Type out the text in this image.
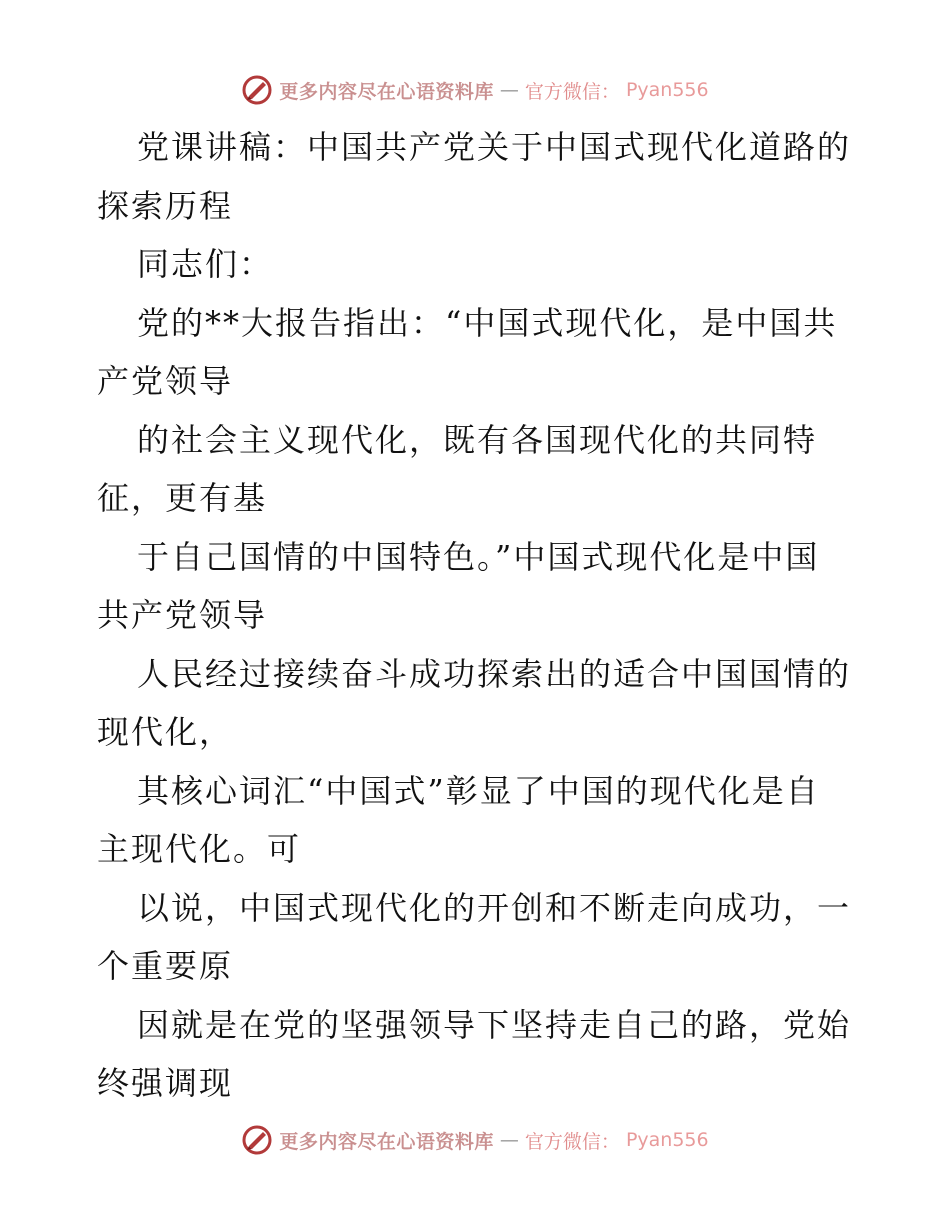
更多内容尽在心语资料库 — 官方微信： Pyan556
党课讲稿：中国共产党关于中国式现代化道路的
探索历程
同志们：
党的**大报告指出：“中国式现代化，是中国共
产党领导
的社会主义现代化，既有各国现代化的共同特
征，更有基
于自己国情的中国特色。”中国式现代化是中国
共产党领导
人民经过接续奋斗成功探索出的适合中国国情的
现代化，
其核心词汇“中国式”彰显了中国的现代化是自
主现代化。可
以说，中国式现代化的开创和不断走向成功，一
个重要原
因就是在党的坚强领导下坚持走自己的路，党始
终强调现
更多内容尽在心语资料库 — 官方微信： Pyan556
